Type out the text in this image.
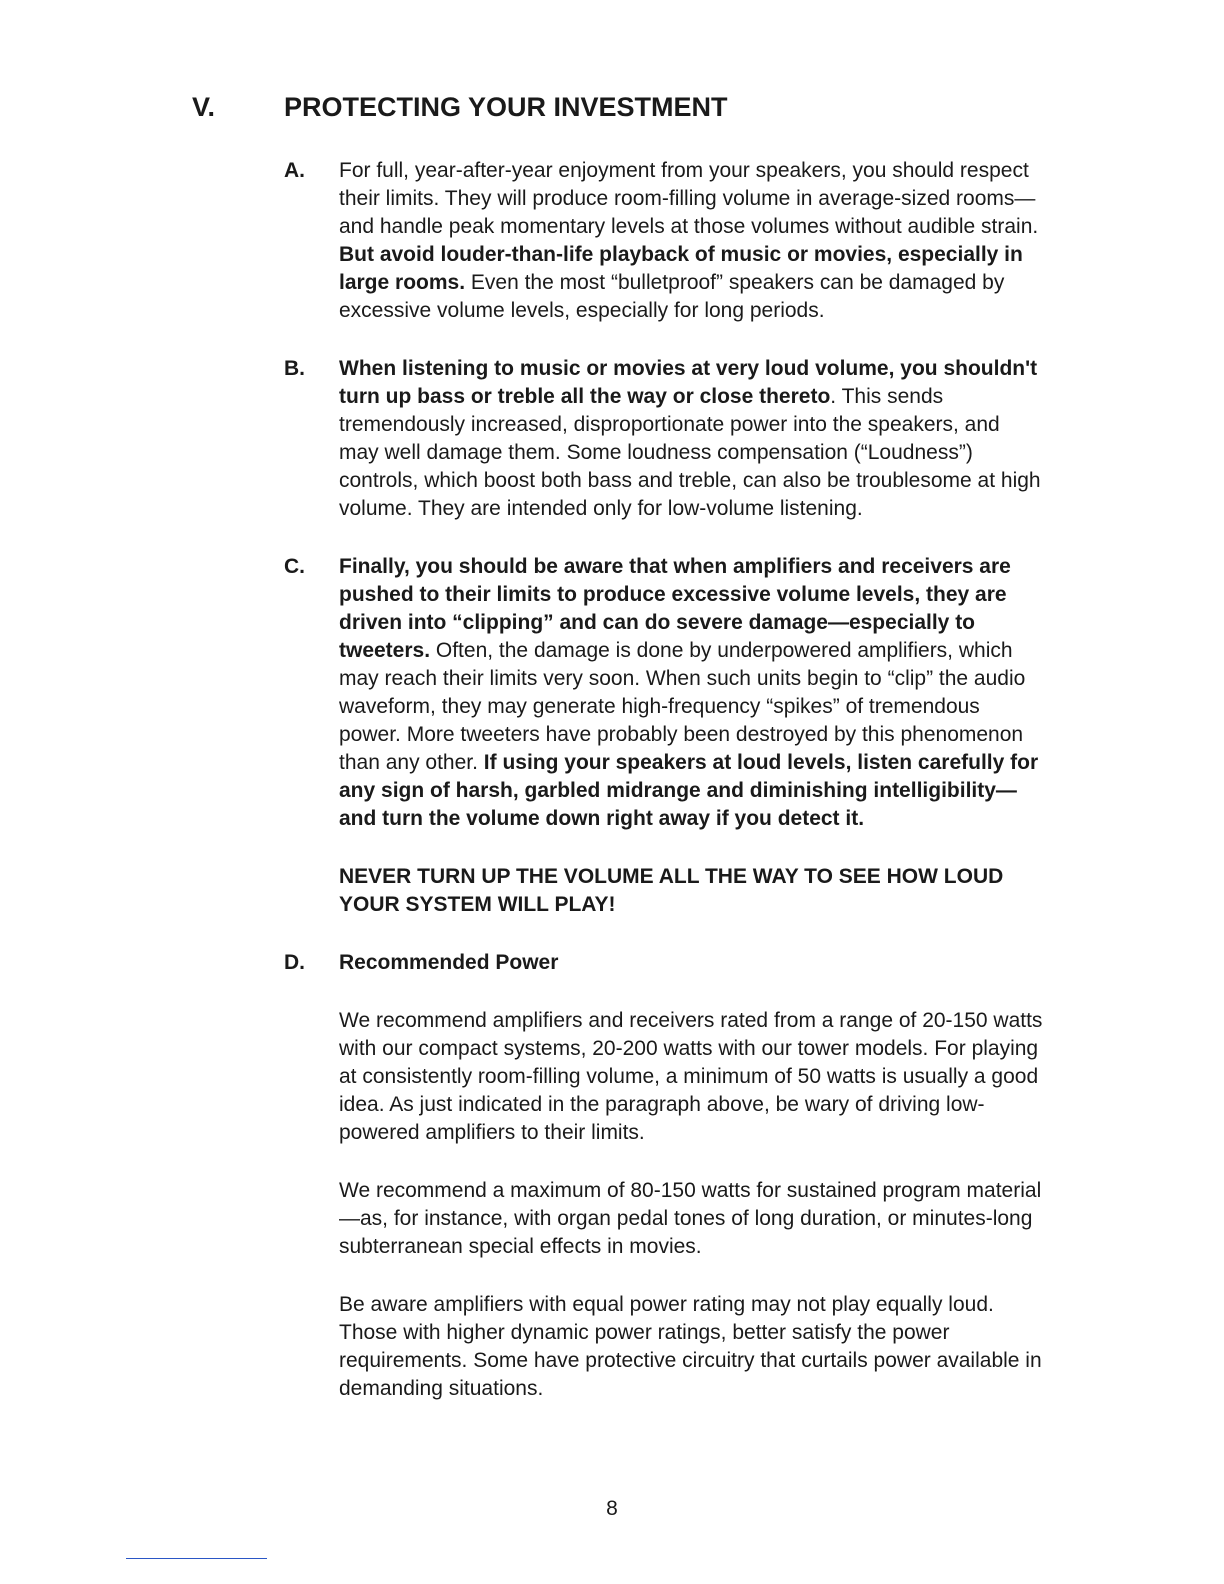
V.	PROTECTING YOUR INVESTMENT
A.	For full, year-after-year enjoyment from your speakers, you should respect their limits. They will produce room-filling volume in average-sized rooms—and handle peak momentary levels at those volumes without audible strain. But avoid louder-than-life playback of music or movies, especially in large rooms. Even the most “bulletproof” speakers can be damaged by excessive volume levels, especially for long periods.

B.	When listening to music or movies at very loud volume, you shouldn't turn up bass or treble all the way or close thereto. This sends tremendously increased, disproportionate power into the speakers, and may well damage them. Some loudness compensation (“Loudness”) controls, which boost both bass and treble, can also be troublesome at high volume. They are intended only for low-volume listening.

C.	Finally, you should be aware that when amplifiers and receivers are pushed to their limits to produce excessive volume levels, they are driven into “clipping” and can do severe damage—especially to tweeters. Often, the damage is done by underpowered amplifiers, which may reach their limits very soon. When such units begin to “clip” the audio waveform, they may generate high-frequency “spikes” of tremendous power. More tweeters have probably been destroyed by this phenomenon than any other. If using your speakers at loud levels, listen carefully for any sign of harsh, garbled midrange and diminishing intelligibility—and turn the volume down right away if you detect it.

NEVER TURN UP THE VOLUME ALL THE WAY TO SEE HOW LOUD YOUR SYSTEM WILL PLAY!

D.	Recommended Power

We recommend amplifiers and receivers rated from a range of 20-150 watts with our compact systems, 20-200 watts with our tower models. For playing at consistently room-filling volume, a minimum of 50 watts is usually a good idea. As just indicated in the paragraph above, be wary of driving low-powered amplifiers to their limits.

We recommend a maximum of 80-150 watts for sustained program material—as, for instance, with organ pedal tones of long duration, or minutes-long subterranean special effects in movies.

Be aware amplifiers with equal power rating may not play equally loud. Those with higher dynamic power ratings, better satisfy the power requirements. Some have protective circuitry that curtails power available in demanding situations.

8
